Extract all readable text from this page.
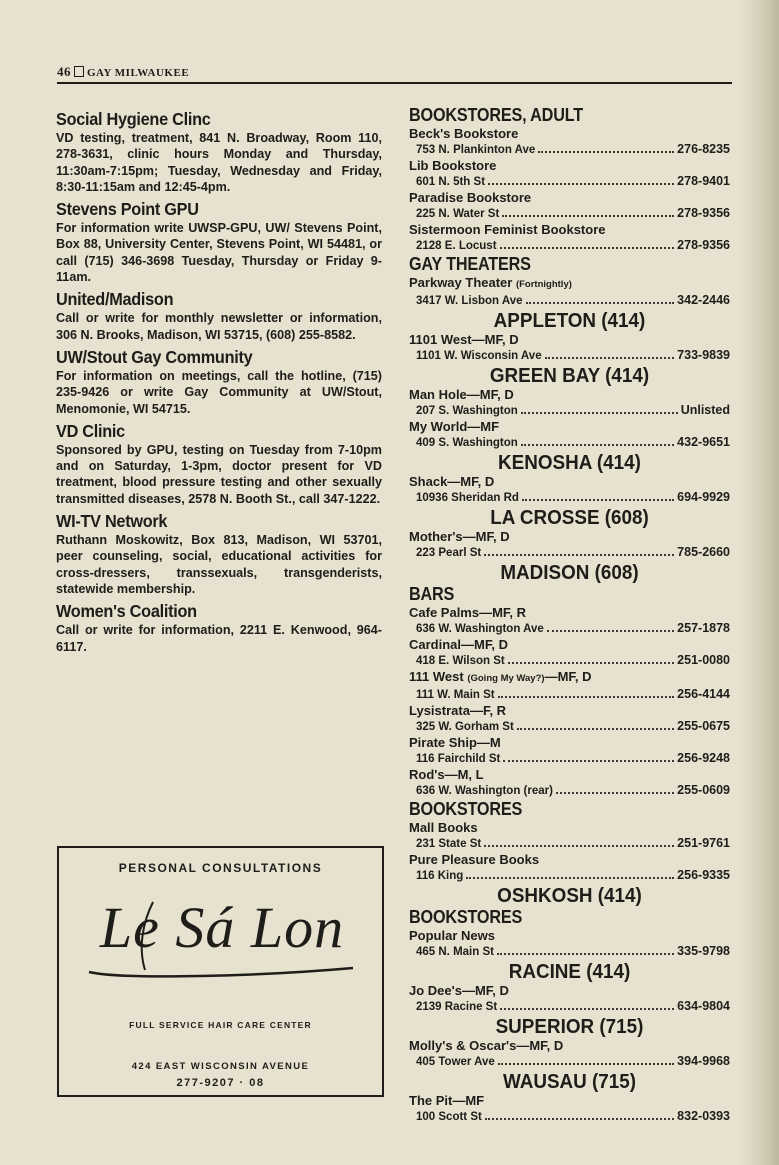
46 GAY MILWAUKEE
Social Hygiene Clinc
VD testing, treatment, 841 N. Broadway, Room 110, 278-3631, clinic hours Monday and Thursday, 11:30am-7:15pm; Tuesday, Wednesday and Friday, 8:30-11:15am and 12:45-4pm.
Stevens Point GPU
For information write UWSP-GPU, UW/ Stevens Point, Box 88, University Center, Stevens Point, WI 54481, or call (715) 346-3698 Tuesday, Thursday or Friday 9-11am.
United/Madison
Call or write for monthly newsletter or information, 306 N. Brooks, Madison, WI 53715, (608) 255-8582.
UW/Stout Gay Community
For information on meetings, call the hotline, (715) 235-9426 or write Gay Community at UW/Stout, Menomonie, WI 54715.
VD Clinic
Sponsored by GPU, testing on Tuesday from 7-10pm and on Saturday, 1-3pm, doctor present for VD treatment, blood pressure testing and other sexually transmitted diseases, 2578 N. Booth St., call 347-1222.
WI-TV Network
Ruthann Moskowitz, Box 813, Madison, WI 53701, peer counseling, social, educational activities for cross-dressers, transsexuals, transgenderists, statewide membership.
Women's Coalition
Call or write for information, 2211 E. Kenwood, 964-6117.
PERSONAL CONSULTATIONS
Le Sá Lon
FULL SERVICE HAIR CARE CENTER
424 EAST WISCONSIN AVENUE
277-9207 · 08
BOOKSTORES, ADULT
Beck's Bookstore
753 N. Plankinton Ave	276-8235
Lib Bookstore
601 N. 5th St	278-9401
Paradise Bookstore
225 N. Water St	278-9356
Sistermoon Feminist Bookstore
2128 E. Locust	278-9356
GAY THEATERS
Parkway Theater (Fortnightly)
3417 W. Lisbon Ave	342-2446
APPLETON (414)
1101 West—MF, D
1101 W. Wisconsin Ave	733-9839
GREEN BAY (414)
Man Hole—MF, D
207 S. Washington	Unlisted
My World—MF
409 S. Washington	432-9651
KENOSHA (414)
Shack—MF, D
10936 Sheridan Rd	694-9929
LA CROSSE (608)
Mother's—MF, D
223 Pearl St	785-2660
MADISON (608)
BARS
Cafe Palms—MF, R
636 W. Washington Ave	257-1878
Cardinal—MF, D
418 E. Wilson St	251-0080
111 West (Going My Way?)—MF, D
111 W. Main St	256-4144
Lysistrata—F, R
325 W. Gorham St	255-0675
Pirate Ship—M
116 Fairchild St	256-9248
Rod's—M, L
636 W. Washington (rear)	255-0609
BOOKSTORES
Mall Books
231 State St	251-9761
Pure Pleasure Books
116 King	256-9335
OSHKOSH (414)
BOOKSTORES
Popular News
465 N. Main St	335-9798
RACINE (414)
Jo Dee's—MF, D
2139 Racine St	634-9804
SUPERIOR (715)
Molly's & Oscar's—MF, D
405 Tower Ave	394-9968
WAUSAU (715)
The Pit—MF
100 Scott St	832-0393
